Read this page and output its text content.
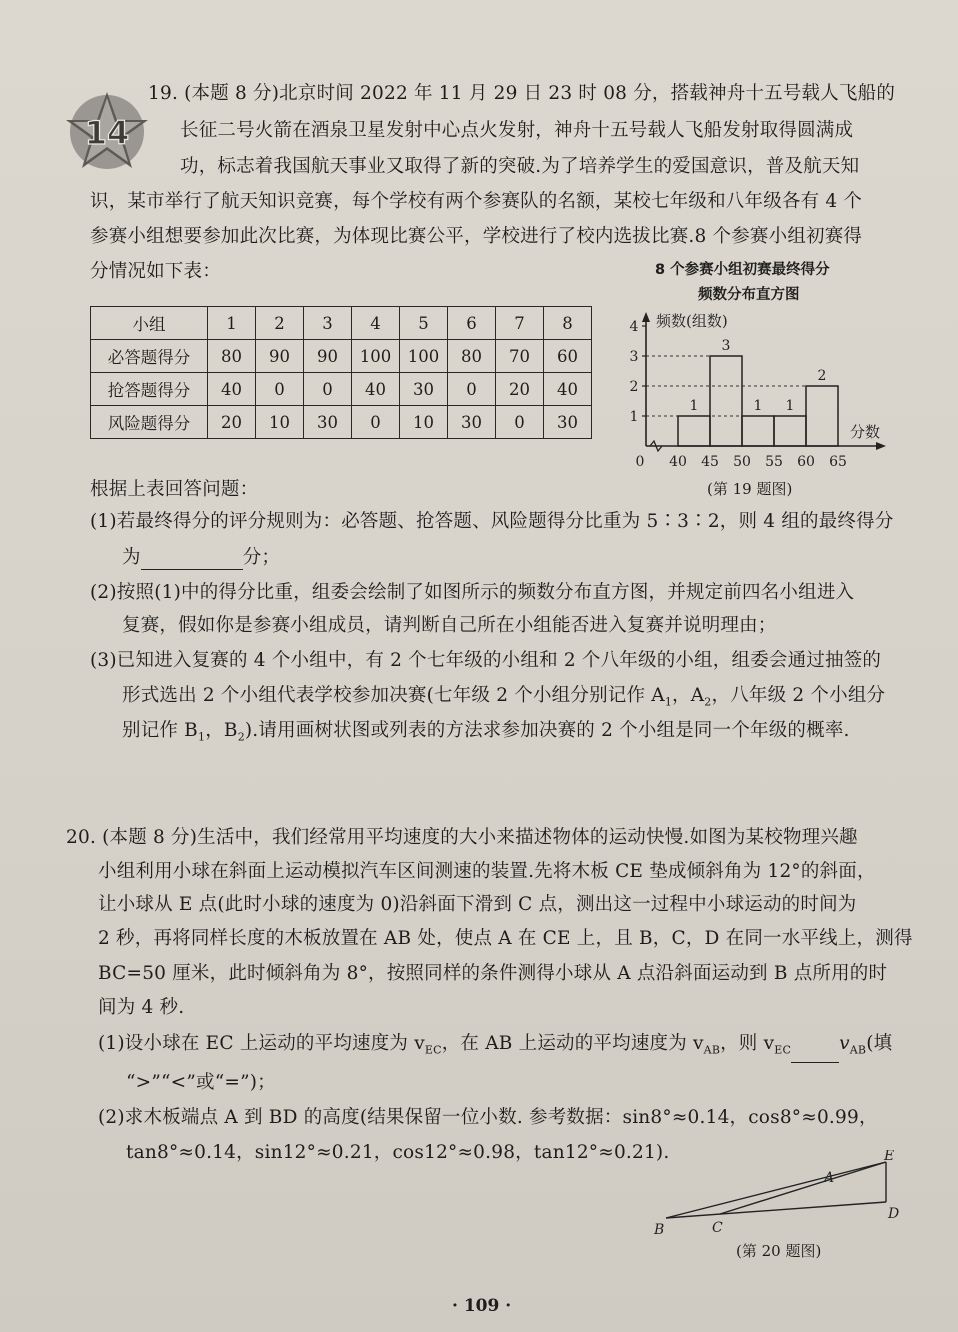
14
19. (本题 8 分)北京时间 2022 年 11 月 29 日 23 时 08 分，搭载神舟十五号载人飞船的
长征二号火箭在酒泉卫星发射中心点火发射，神舟十五号载人飞船发射取得圆满成
功，标志着我国航天事业又取得了新的突破.为了培养学生的爱国意识，普及航天知
识，某市举行了航天知识竞赛，每个学校有两个参赛队的名额，某校七年级和八年级各有 4 个
参赛小组想要参加此次比赛，为体现比赛公平，学校进行了校内选拔比赛.8 个参赛小组初赛得
分情况如下表：
小组	1	2	3	4	5	6	7	8
必答题得分	80	90	90	100	100	80	70	60
抢答题得分	40	0	0	40	30	0	20	40
风险题得分	20	10	30	0	10	30	0	30
8 个参赛小组初赛最终得分
频数分布直方图
1
2
3
4
0 40 45 50 55 60 65
1
3
1 1
2
频数(组数)
分数
(第 19 题图)
根据上表回答问题：
(1)若最终得分的评分规则为：必答题、抢答题、风险题得分比重为 5∶3∶2，则 4 组的最终得分
为	分；
(2)按照(1)中的得分比重，组委会绘制了如图所示的频数分布直方图，并规定前四名小组进入
复赛，假如你是参赛小组成员，请判断自己所在小组能否进入复赛并说明理由；
(3)已知进入复赛的 4 个小组中，有 2 个七年级的小组和 2 个八年级的小组，组委会通过抽签的
形式选出 2 个小组代表学校参加决赛(七年级 2 个小组分别记作 $A_1$，$A_2$，八年级 2 个小组分
别记作 $B_1$，$B_2$).请用画树状图或列表的方法求参加决赛的 2 个小组是同一个年级的概率.
20. (本题 8 分)生活中，我们经常用平均速度的大小来描述物体的运动快慢.如图为某校物理兴趣
小组利用小球在斜面上运动模拟汽车区间测速的装置.先将木板 CE 垫成倾斜角为 12°的斜面，
让小球从 E 点(此时小球的速度为 0)沿斜面下滑到 C 点，测出这一过程中小球运动的时间为
2 秒，再将同样长度的木板放置在 AB 处，使点 A 在 CE 上，且 B，C，D 在同一水平线上，测得
BC=50 厘米，此时倾斜角为 8°，按照同样的条件测得小球从 A 点沿斜面运动到 B 点所用的时
间为 4 秒.
(1)设小球在 EC 上运动的平均速度为 $v_{EC}$，在 AB 上运动的平均速度为 $v_{AB}$，则 $v_{EC}$	$v_{AB}$(填
“>”“<”或“=”)；
(2)求木板端点 A 到 BD 的高度(结果保留一位小数. 参考数据：sin8°≈0.14，cos8°≈0.99，
tan8°≈0.14，sin12°≈0.21，cos12°≈0.98，tan12°≈0.21).
B	C
A
E
D
(第 20 题图)
· 109 ·
